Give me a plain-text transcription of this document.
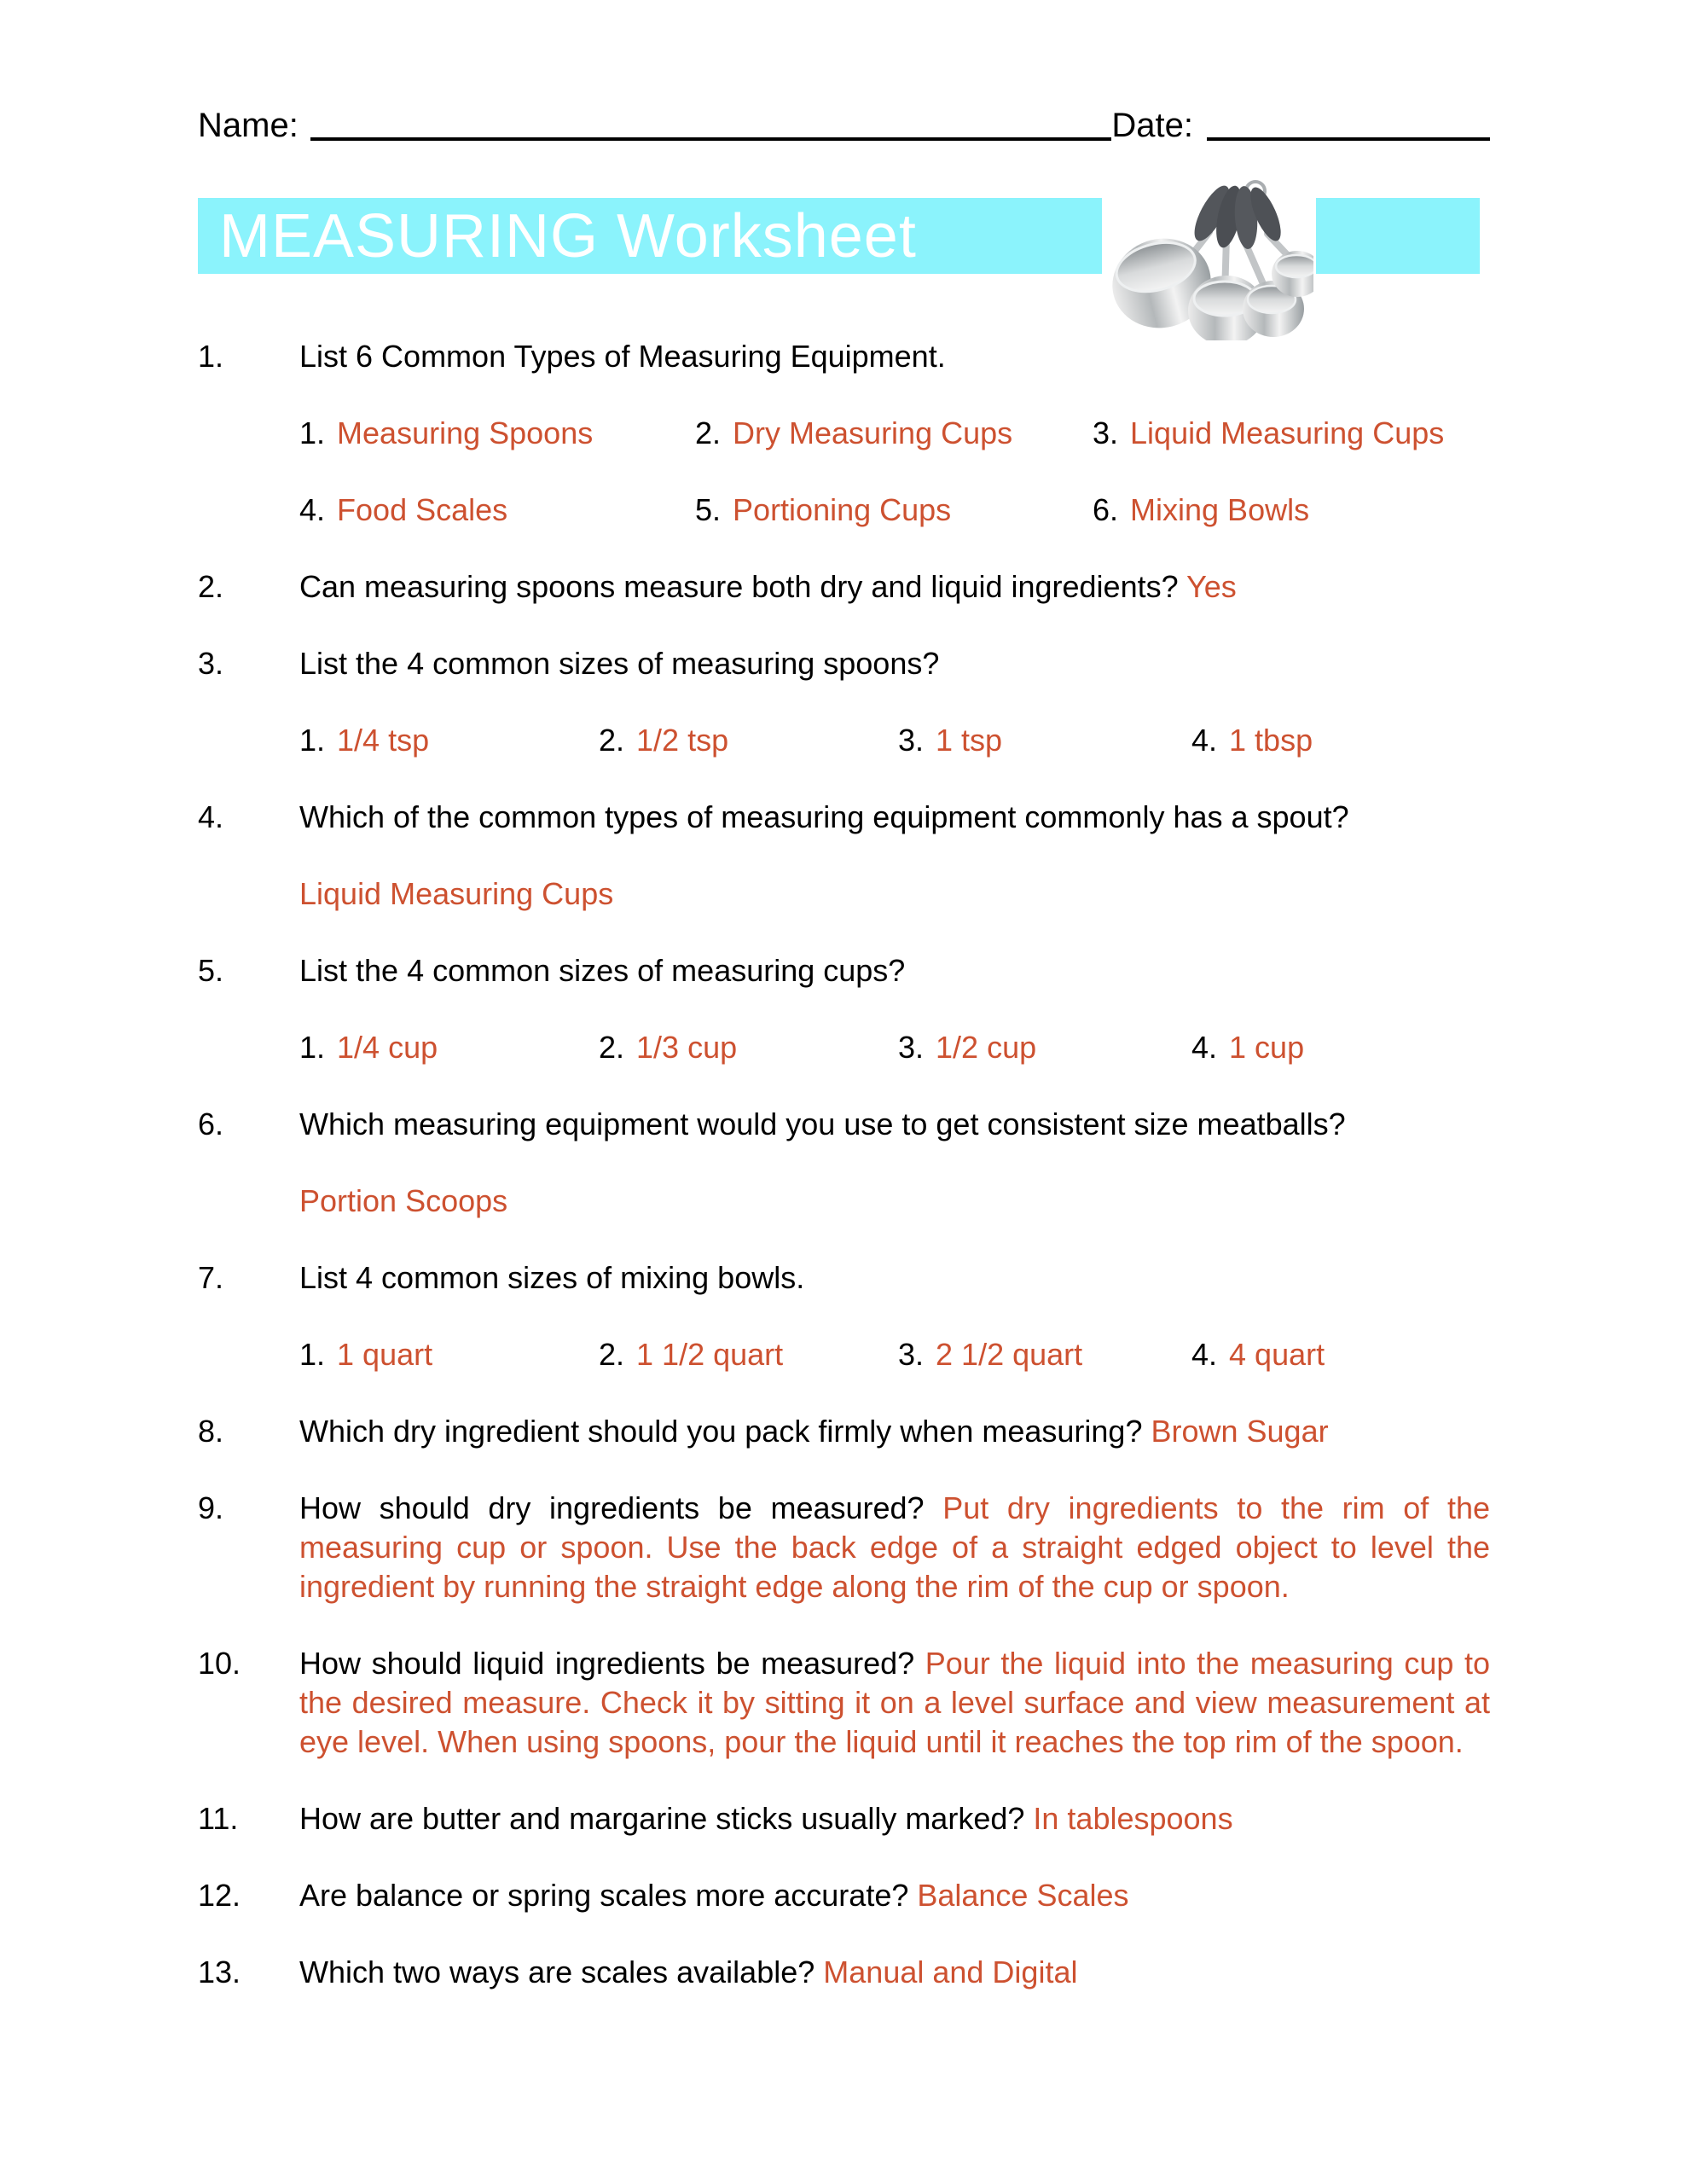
Name:	Date:
MEASURING Worksheet
1.	List 6 Common Types of Measuring Equipment.
1. Measuring Spoons	2. Dry Measuring Cups	3. Liquid Measuring Cups
4. Food Scales	5. Portioning Cups	6. Mixing Bowls
2.	Can measuring spoons measure both dry and liquid ingredients? Yes
3.	List the 4 common sizes of measuring spoons?
1. 1/4 tsp	2. 1/2 tsp	3. 1 tsp	4. 1 tbsp
4.	Which of the common types of measuring equipment commonly has a spout?
Liquid Measuring Cups
5.	List the 4 common sizes of measuring cups?
1. 1/4 cup	2. 1/3 cup	3. 1/2 cup	4. 1 cup
6.	Which measuring equipment would you use to get consistent size meatballs?
Portion Scoops
7.	List 4 common sizes of mixing bowls.
1. 1 quart	2. 1 1/2 quart	3. 2 1/2 quart	4. 4 quart
8.	Which dry ingredient should you pack firmly when measuring? Brown Sugar
9.	How should dry ingredients be measured? Put dry ingredients to the rim of the measuring cup or spoon. Use the back edge of a straight edged object to level the ingredient by running the straight edge along the rim of the cup or spoon.
10.	How should liquid ingredients be measured? Pour the liquid into the measuring cup to the desired measure. Check it by sitting it on a level surface and view measurement at eye level. When using spoons, pour the liquid until it reaches the top rim of the spoon.
11.	How are butter and margarine sticks usually marked? In tablespoons
12.	Are balance or spring scales more accurate? Balance Scales
13.	Which two ways are scales available? Manual and Digital
